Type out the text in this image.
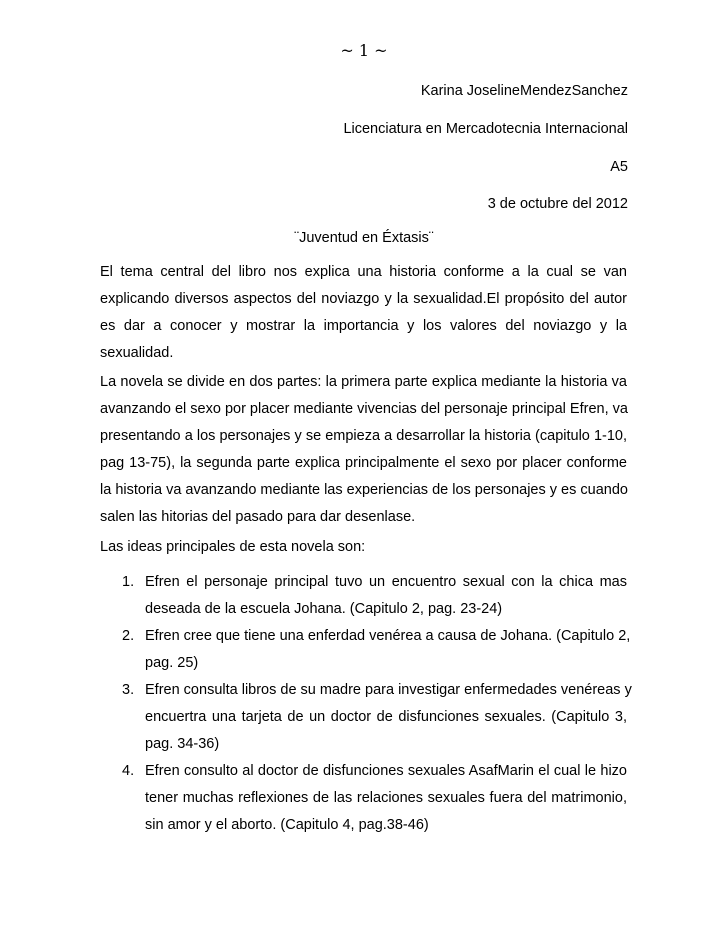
~ 1 ~
Karina JoselineMendezSanchez
Licenciatura en Mercadotecnia Internacional
A5
3 de octubre del 2012
¨Juventud en Éxtasis¨

El tema central del libro nos explica una historia conforme a la cual se van
explicando diversos aspectos del noviazgo y la sexualidad.El propósito del autor
es dar a conocer y mostrar la importancia y los valores del noviazgo y la
sexualidad.

La novela se divide en dos partes: la primera parte explica mediante la historia va
avanzando el sexo por placer mediante vivencias del personaje principal Efren, va
presentando a los personajes y se empieza a desarrollar la historia (capitulo 1-10,
pag 13-75), la segunda parte explica principalmente el sexo por placer conforme
la historia va avanzando mediante las experiencias de los personajes y es cuando
salen las hitorias del pasado para dar desenlase.

Las ideas principales de esta novela son:

1. Efren el personaje principal tuvo un encuentro sexual con la chica mas
deseada de la escuela Johana. (Capitulo 2, pag. 23-24)
2. Efren cree que tiene una enferdad venérea a causa de Johana. (Capitulo 2,
pag. 25)
3. Efren consulta libros de su madre para investigar enfermedades venéreas y
encuertra una tarjeta de un doctor de disfunciones sexuales. (Capitulo 3,
pag. 34-36)
4. Efren consulto al doctor de disfunciones sexuales AsafMarin el cual le hizo
tener muchas reflexiones de las relaciones sexuales fuera del matrimonio,
sin amor y el aborto. (Capitulo 4, pag.38-46)
